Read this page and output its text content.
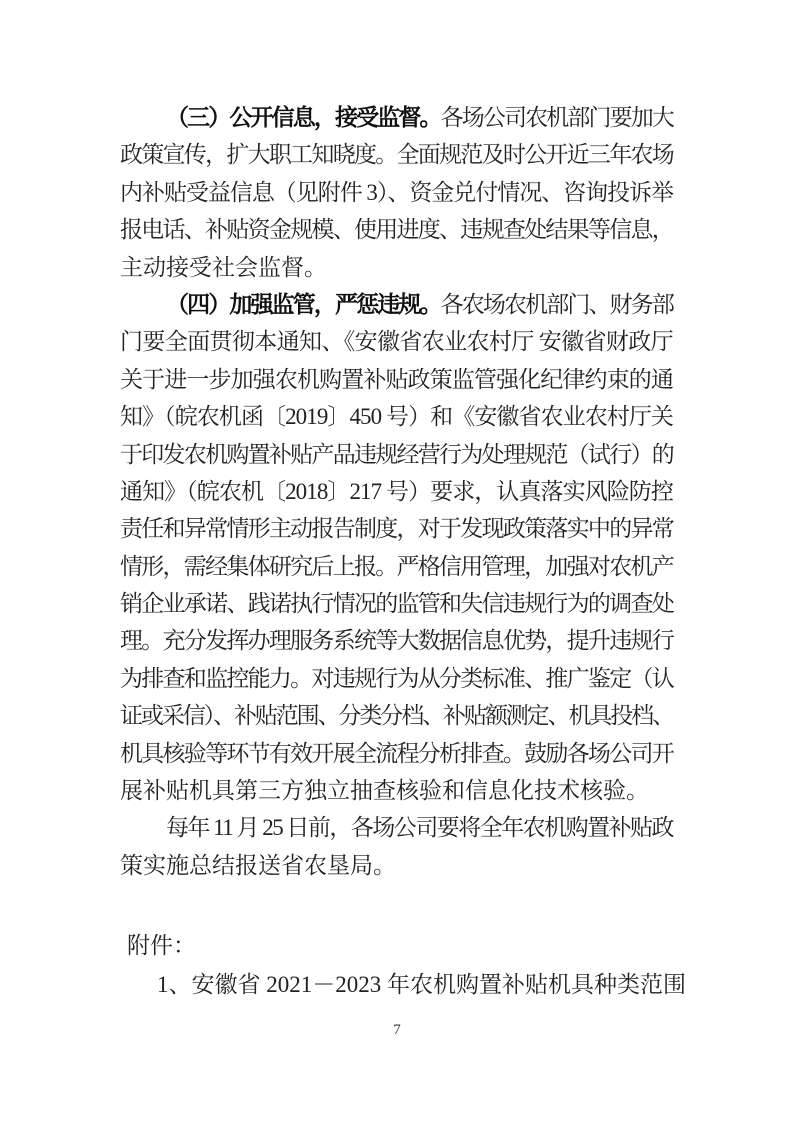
（三）公开信息，接受监督。各场公司农机部门要加大
政策宣传，扩大职工知晓度。全面规范及时公开近三年农场
内补贴受益信息（见附件 3）、资金兑付情况、咨询投诉举
报电话、补贴资金规模、使用进度、违规查处结果等信息，
主动接受社会监督。
（四）加强监管，严惩违规。各农场农机部门、财务部
门要全面贯彻本通知、《安徽省农业农村厅 安徽省财政厅
关于进一步加强农机购置补贴政策监管强化纪律约束的通
知》（皖农机函〔2019〕450 号）和《安徽省农业农村厅关
于印发农机购置补贴产品违规经营行为处理规范（试行）的
通知》（皖农机〔2018〕217 号）要求，认真落实风险防控
责任和异常情形主动报告制度，对于发现政策落实中的异常
情形，需经集体研究后上报。严格信用管理，加强对农机产
销企业承诺、践诺执行情况的监管和失信违规行为的调查处
理。充分发挥办理服务系统等大数据信息优势，提升违规行
为排查和监控能力。对违规行为从分类标准、推广鉴定（认
证或采信）、补贴范围、分类分档、补贴额测定、机具投档、
机具核验等环节有效开展全流程分析排查。鼓励各场公司开
展补贴机具第三方独立抽查核验和信息化技术核验。
每年 11 月 25 日前，各场公司要将全年农机购置补贴政
策实施总结报送省农垦局。
附件：
1、安徽省 2021－2023 年农机购置补贴机具种类范围
7
